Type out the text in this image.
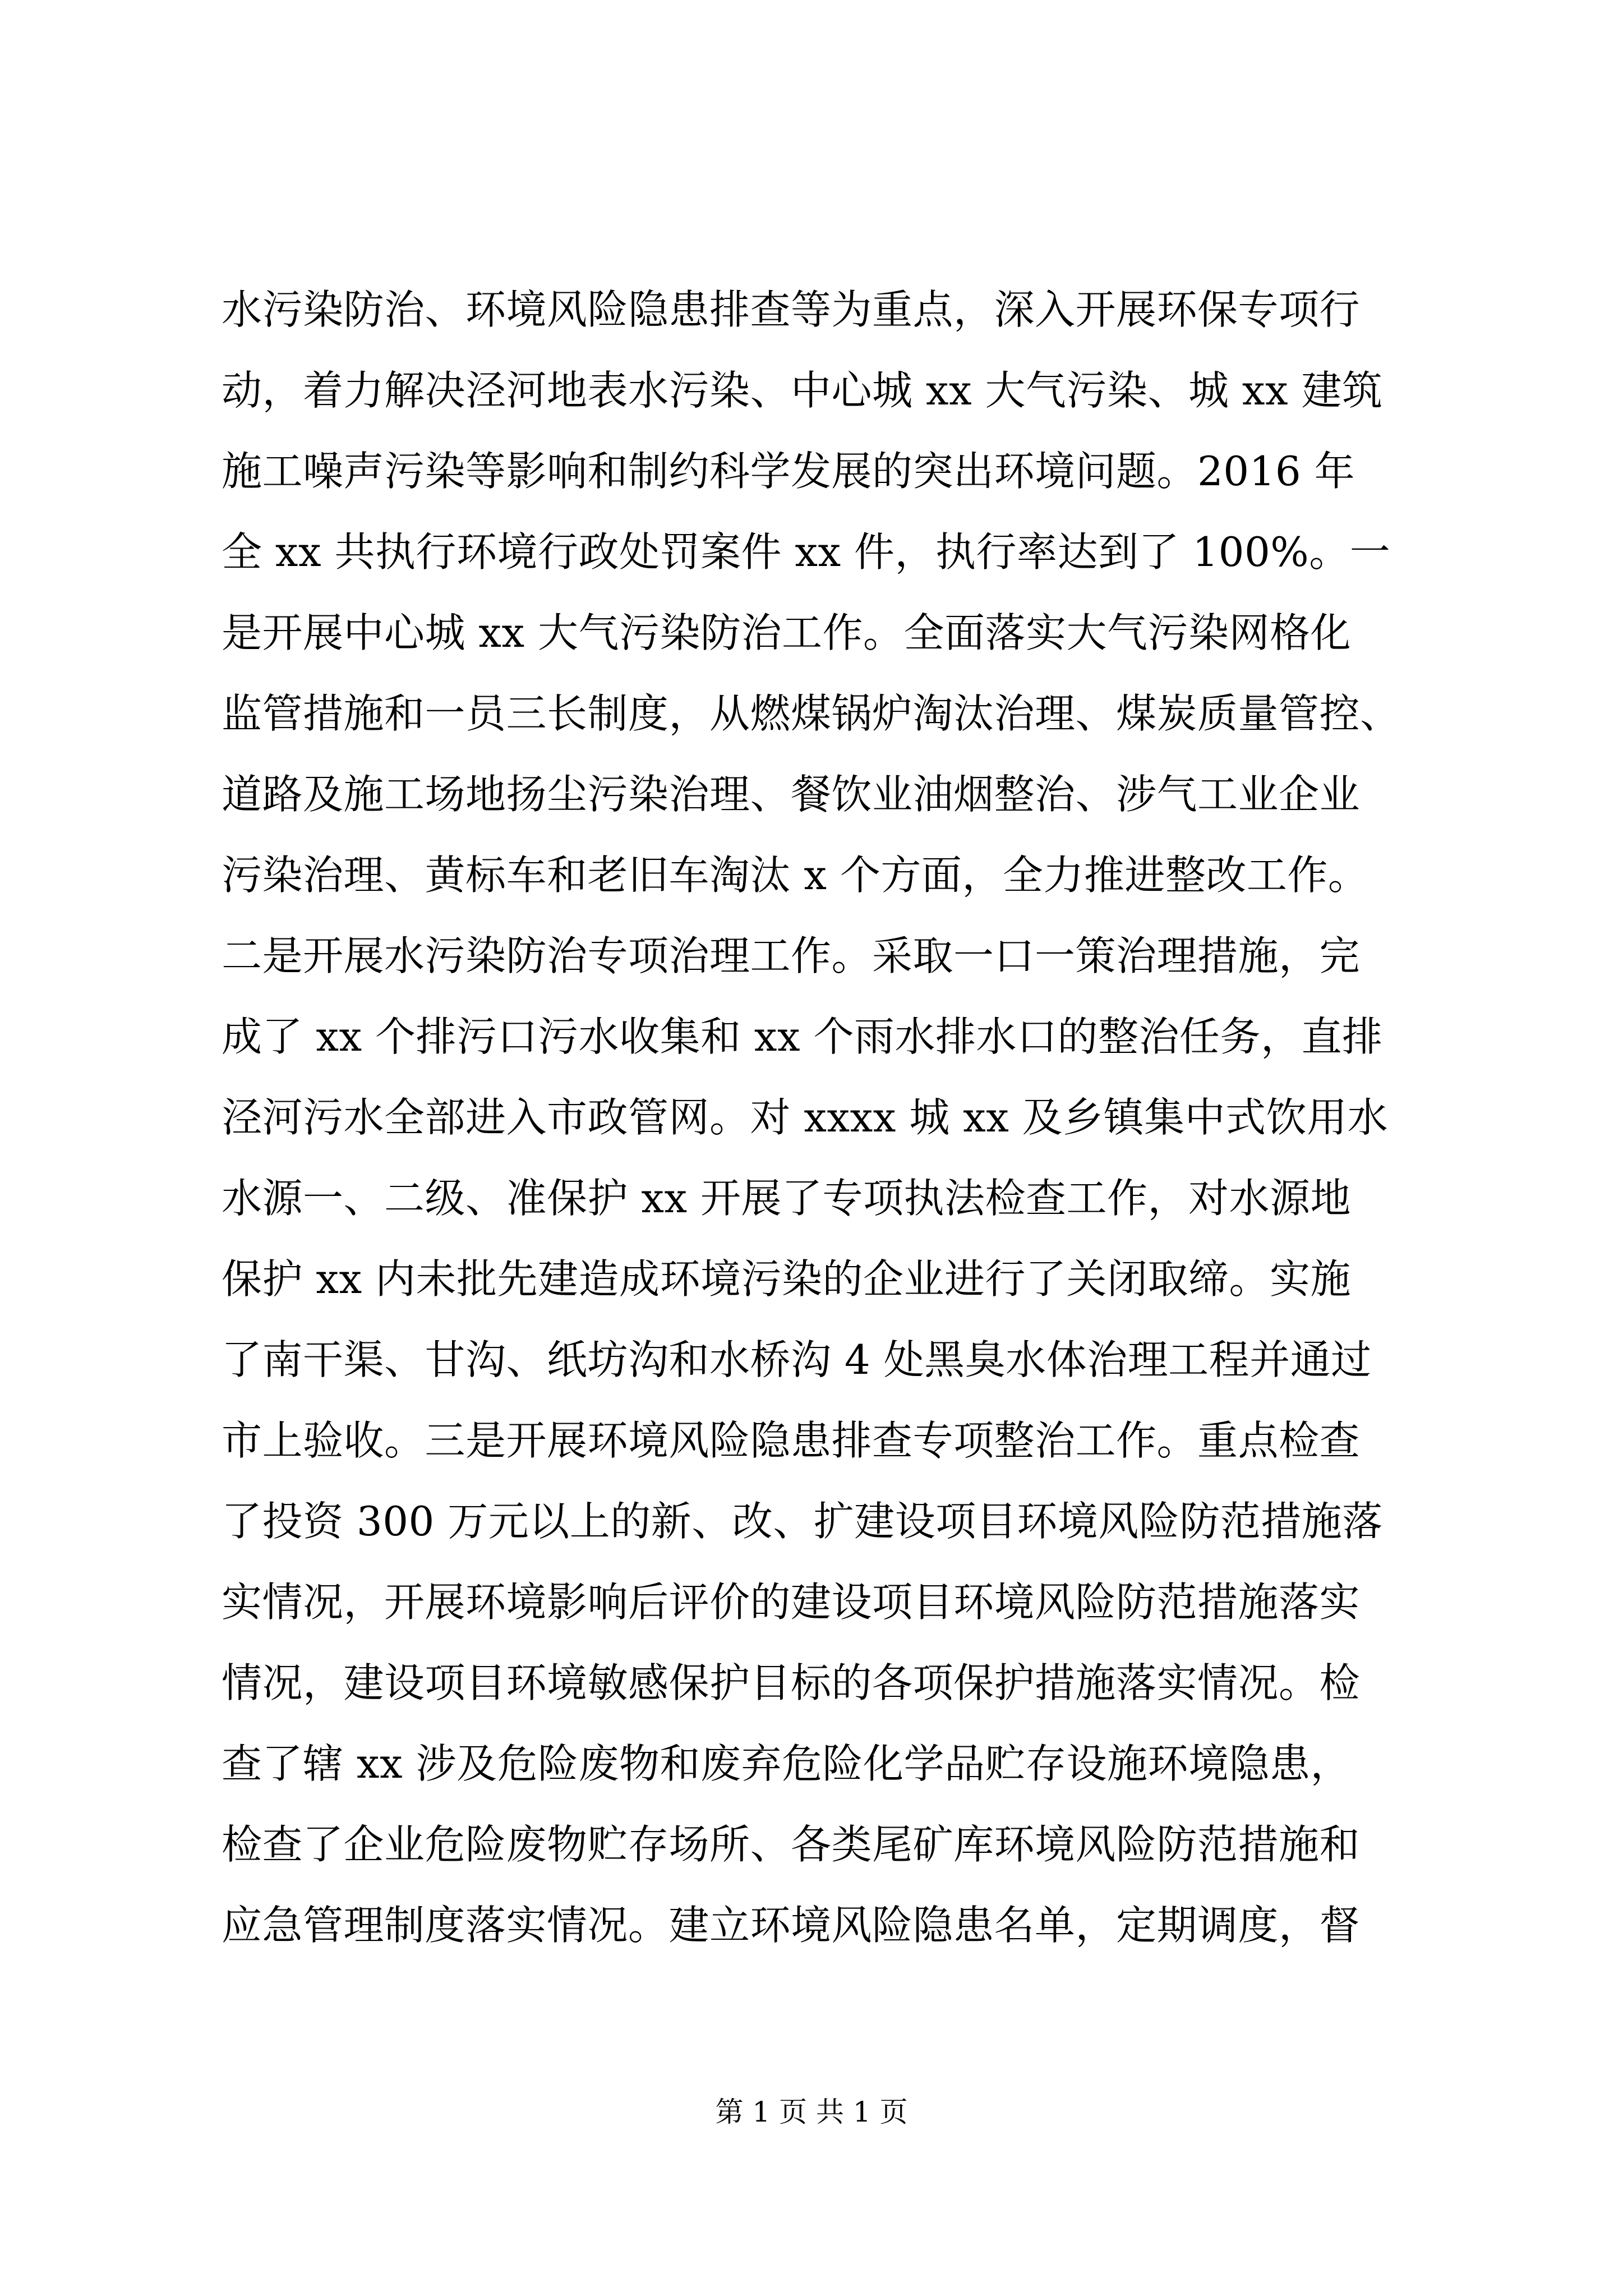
水污染防治、环境风险隐患排查等为重点，深入开展环保专项行
动，着力解决泾河地表水污染、中心城 xx 大气污染、城 xx 建筑
施工噪声污染等影响和制约科学发展的突出环境问题。2016 年
全 xx 共执行环境行政处罚案件 xx 件，执行率达到了 100%。一
是开展中心城 xx 大气污染防治工作。全面落实大气污染网格化
监管措施和一员三长制度，从燃煤锅炉淘汰治理、煤炭质量管控、
道路及施工场地扬尘污染治理、餐饮业油烟整治、涉气工业企业
污染治理、黄标车和老旧车淘汰 x 个方面，全力推进整改工作。
二是开展水污染防治专项治理工作。采取一口一策治理措施，完
成了 xx 个排污口污水收集和 xx 个雨水排水口的整治任务，直排
泾河污水全部进入市政管网。对 xxxx 城 xx 及乡镇集中式饮用水
水源一、二级、准保护 xx 开展了专项执法检查工作，对水源地
保护 xx 内未批先建造成环境污染的企业进行了关闭取缔。实施
了南干渠、甘沟、纸坊沟和水桥沟 4 处黑臭水体治理工程并通过
市上验收。三是开展环境风险隐患排查专项整治工作。重点检查
了投资 300 万元以上的新、改、扩建设项目环境风险防范措施落
实情况，开展环境影响后评价的建设项目环境风险防范措施落实
情况，建设项目环境敏感保护目标的各项保护措施落实情况。检
查了辖 xx 涉及危险废物和废弃危险化学品贮存设施环境隐患，
检查了企业危险废物贮存场所、各类尾矿库环境风险防范措施和
应急管理制度落实情况。建立环境风险隐患名单，定期调度，督
第 1 页 共 1 页
